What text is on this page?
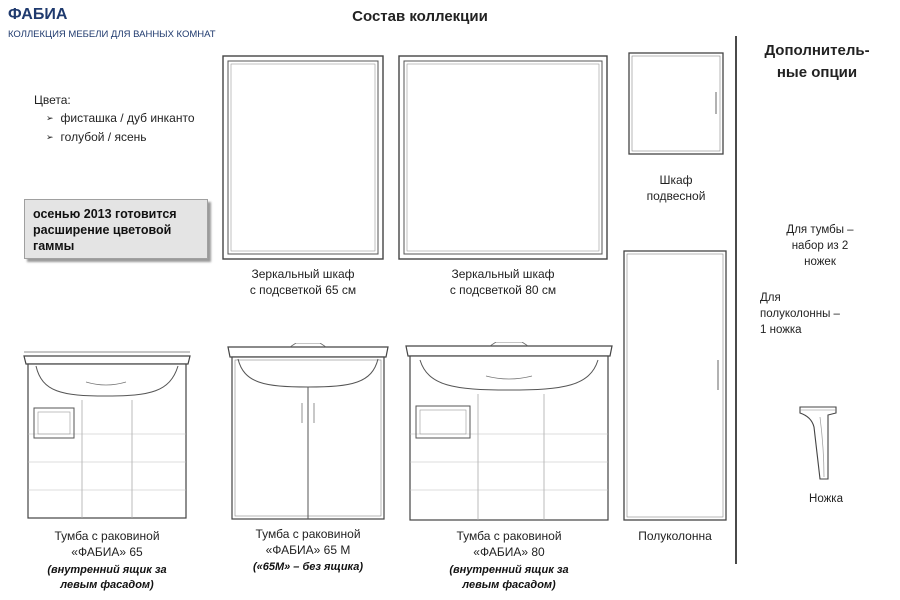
ФАБИА
КОЛЛЕКЦИЯ МЕБЕЛИ ДЛЯ ВАННЫХ КОМНАТ
Состав коллекции
Дополнитель-
ные опции
Цвета:
➢ фисташка / дуб инканто
➢ голубой / ясень
осенью 2013 готовится расширение цветовой гаммы
Зеркальный шкаф
с подсветкой 65 см
Зеркальный шкаф
с подсветкой 80 см
Шкаф
подвесной
Полуколонна
Тумба с раковиной
«ФАБИА» 65
(внутренний ящик за
левым фасадом)
Тумба с раковиной
«ФАБИА» 65 М
(«65М» – без ящика)
Тумба с раковиной
«ФАБИА» 80
(внутренний ящик за
левым фасадом)
Для тумбы –
набор из 2
ножек
Для
полуколонны –
1 ножка
Ножка
